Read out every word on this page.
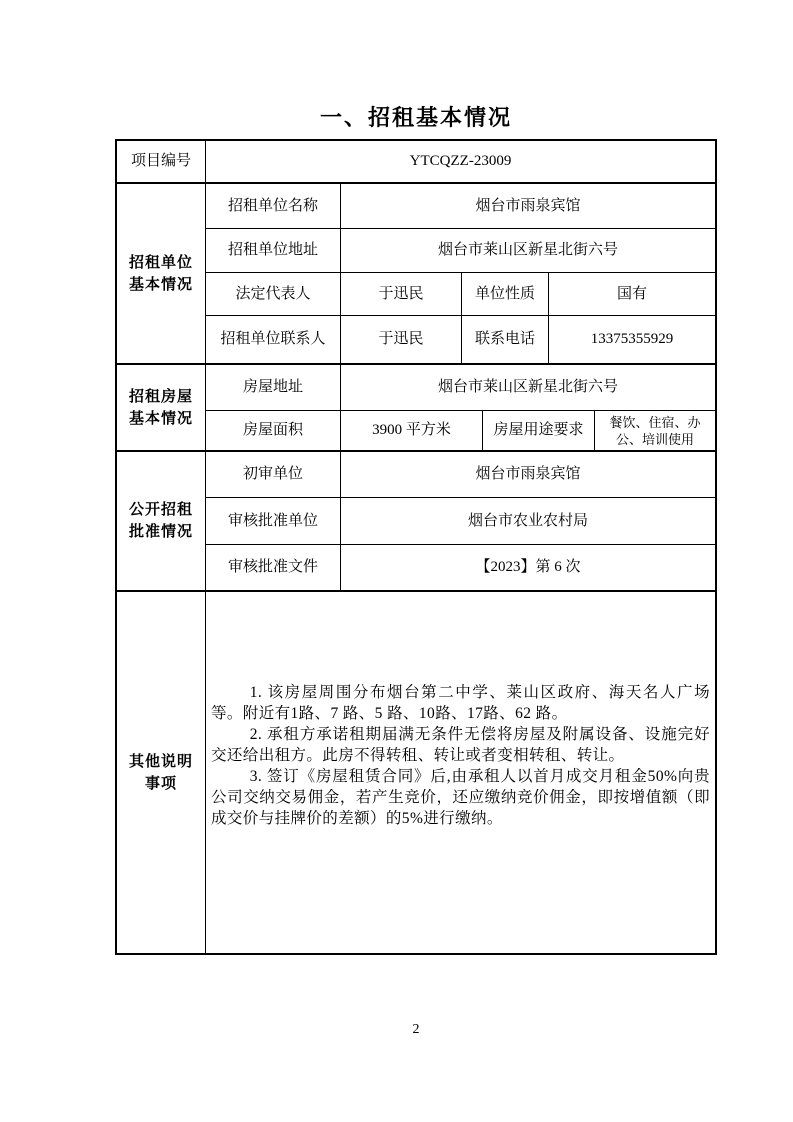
一、招租基本情况
项目编号	YTCQZZ-23009
招租单位
基本情况
招租单位名称	烟台市雨泉宾馆
招租单位地址	烟台市莱山区新星北街六号
法定代表人	于迅民	单位性质	国有
招租单位联系人	于迅民	联系电话	13375355929
招租房屋
基本情况
房屋地址	烟台市莱山区新星北街六号
房屋面积	3900 平方米	房屋用途要求	餐饮、住宿、办公、培训使用
公开招租
批准情况
初审单位	烟台市雨泉宾馆
审核批准单位	烟台市农业农村局
审核批准文件	【2023】第 6 次
其他说明
事项

1. 该房屋周围分布烟台第二中学、莱山区政府、海天名人广场等。附近有1路、7 路、5 路、10路、17路、62 路。

2. 承租方承诺租期届满无条件无偿将房屋及附属设备、设施完好交还给出租方。此房不得转租、转让或者变相转租、转让。

3. 签订《房屋租赁合同》后,由承租人以首月成交月租金50%向贵公司交纳交易佣金，若产生竞价，还应缴纳竞价佣金，即按增值额（即成交价与挂牌价的差额）的5%进行缴纳。

2
